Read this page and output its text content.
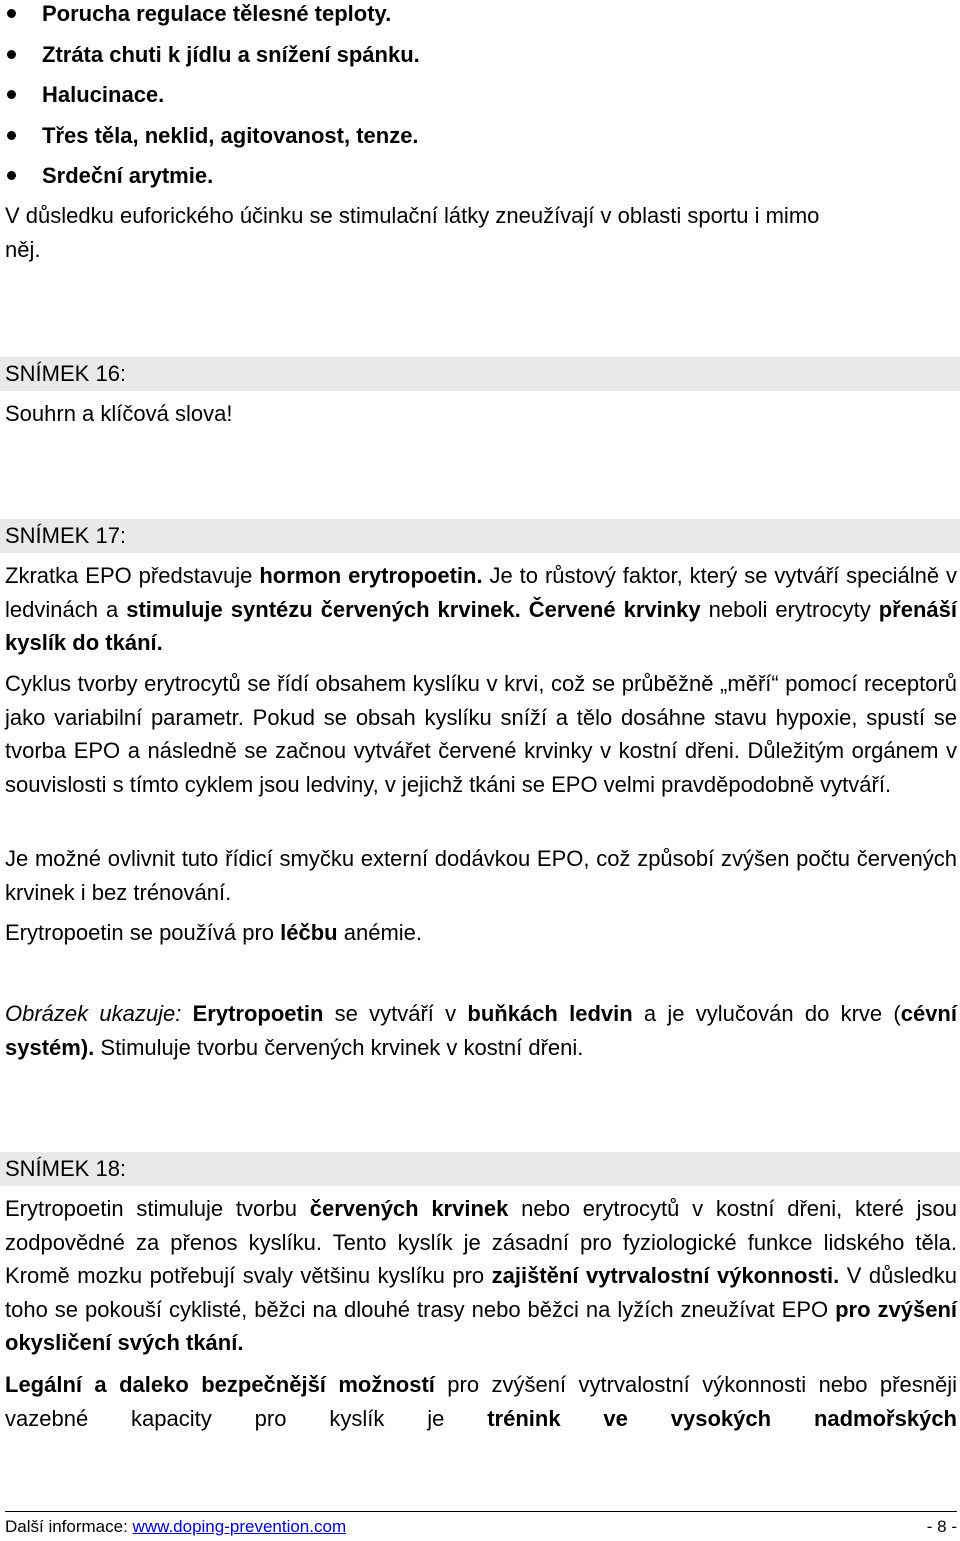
Porucha regulace tělesné teploty.
Ztráta chuti k jídlu a snížení spánku.
Halucinace.
Třes těla, neklid, agitovanost, tenze.
Srdeční arytmie.
V důsledku euforického účinku se stimulační látky zneužívají v oblasti sportu i mimo
něj.
SNÍMEK 16:
Souhrn a klíčová slova!
SNÍMEK 17:

Zkratka EPO představuje hormon erytropoetin. Je to růstový faktor, který se vytváří speciálně v ledvinách a stimuluje syntézu červených krvinek. Červené krvinky neboli erytrocyty přenáší kyslík do tkání.

Cyklus tvorby erytrocytů se řídí obsahem kyslíku v krvi, což se průběžně „měří“ pomocí receptorů jako variabilní parametr. Pokud se obsah kyslíku sníží a tělo dosáhne stavu hypoxie, spustí se tvorba EPO a následně se začnou vytvářet červené krvinky v kostní dřeni. Důležitým orgánem v souvislosti s tímto cyklem jsou ledviny, v jejichž tkáni se EPO velmi pravděpodobně vytváří.

Je možné ovlivnit tuto řídicí smyčku externí dodávkou EPO, což způsobí zvýšen počtu červených krvinek i bez trénování.

Erytropoetin se používá pro léčbu anémie.

Obrázek ukazuje: Erytropoetin se vytváří v buňkách ledvin a je vylučován do krve (cévní systém). Stimuluje tvorbu červených krvinek v kostní dřeni.

SNÍMEK 18:

Erytropoetin stimuluje tvorbu červených krvinek nebo erytrocytů v kostní dřeni, které jsou zodpovědné za přenos kyslíku. Tento kyslík je zásadní pro fyziologické funkce lidského těla. Kromě mozku potřebují svaly většinu kyslíku pro zajištění vytrvalostní výkonnosti. V důsledku toho se pokouší cyklisté, běžci na dlouhé trasy nebo běžci na lyžích zneužívat EPO pro zvýšení okysličení svých tkání.

Legální a daleko bezpečnější možností pro zvýšení vytrvalostní výkonnosti nebo přesněji vazebné kapacity pro kyslík je trénink ve vysokých nadmořských

Další informace: www.doping-prevention.com	- 8 -
